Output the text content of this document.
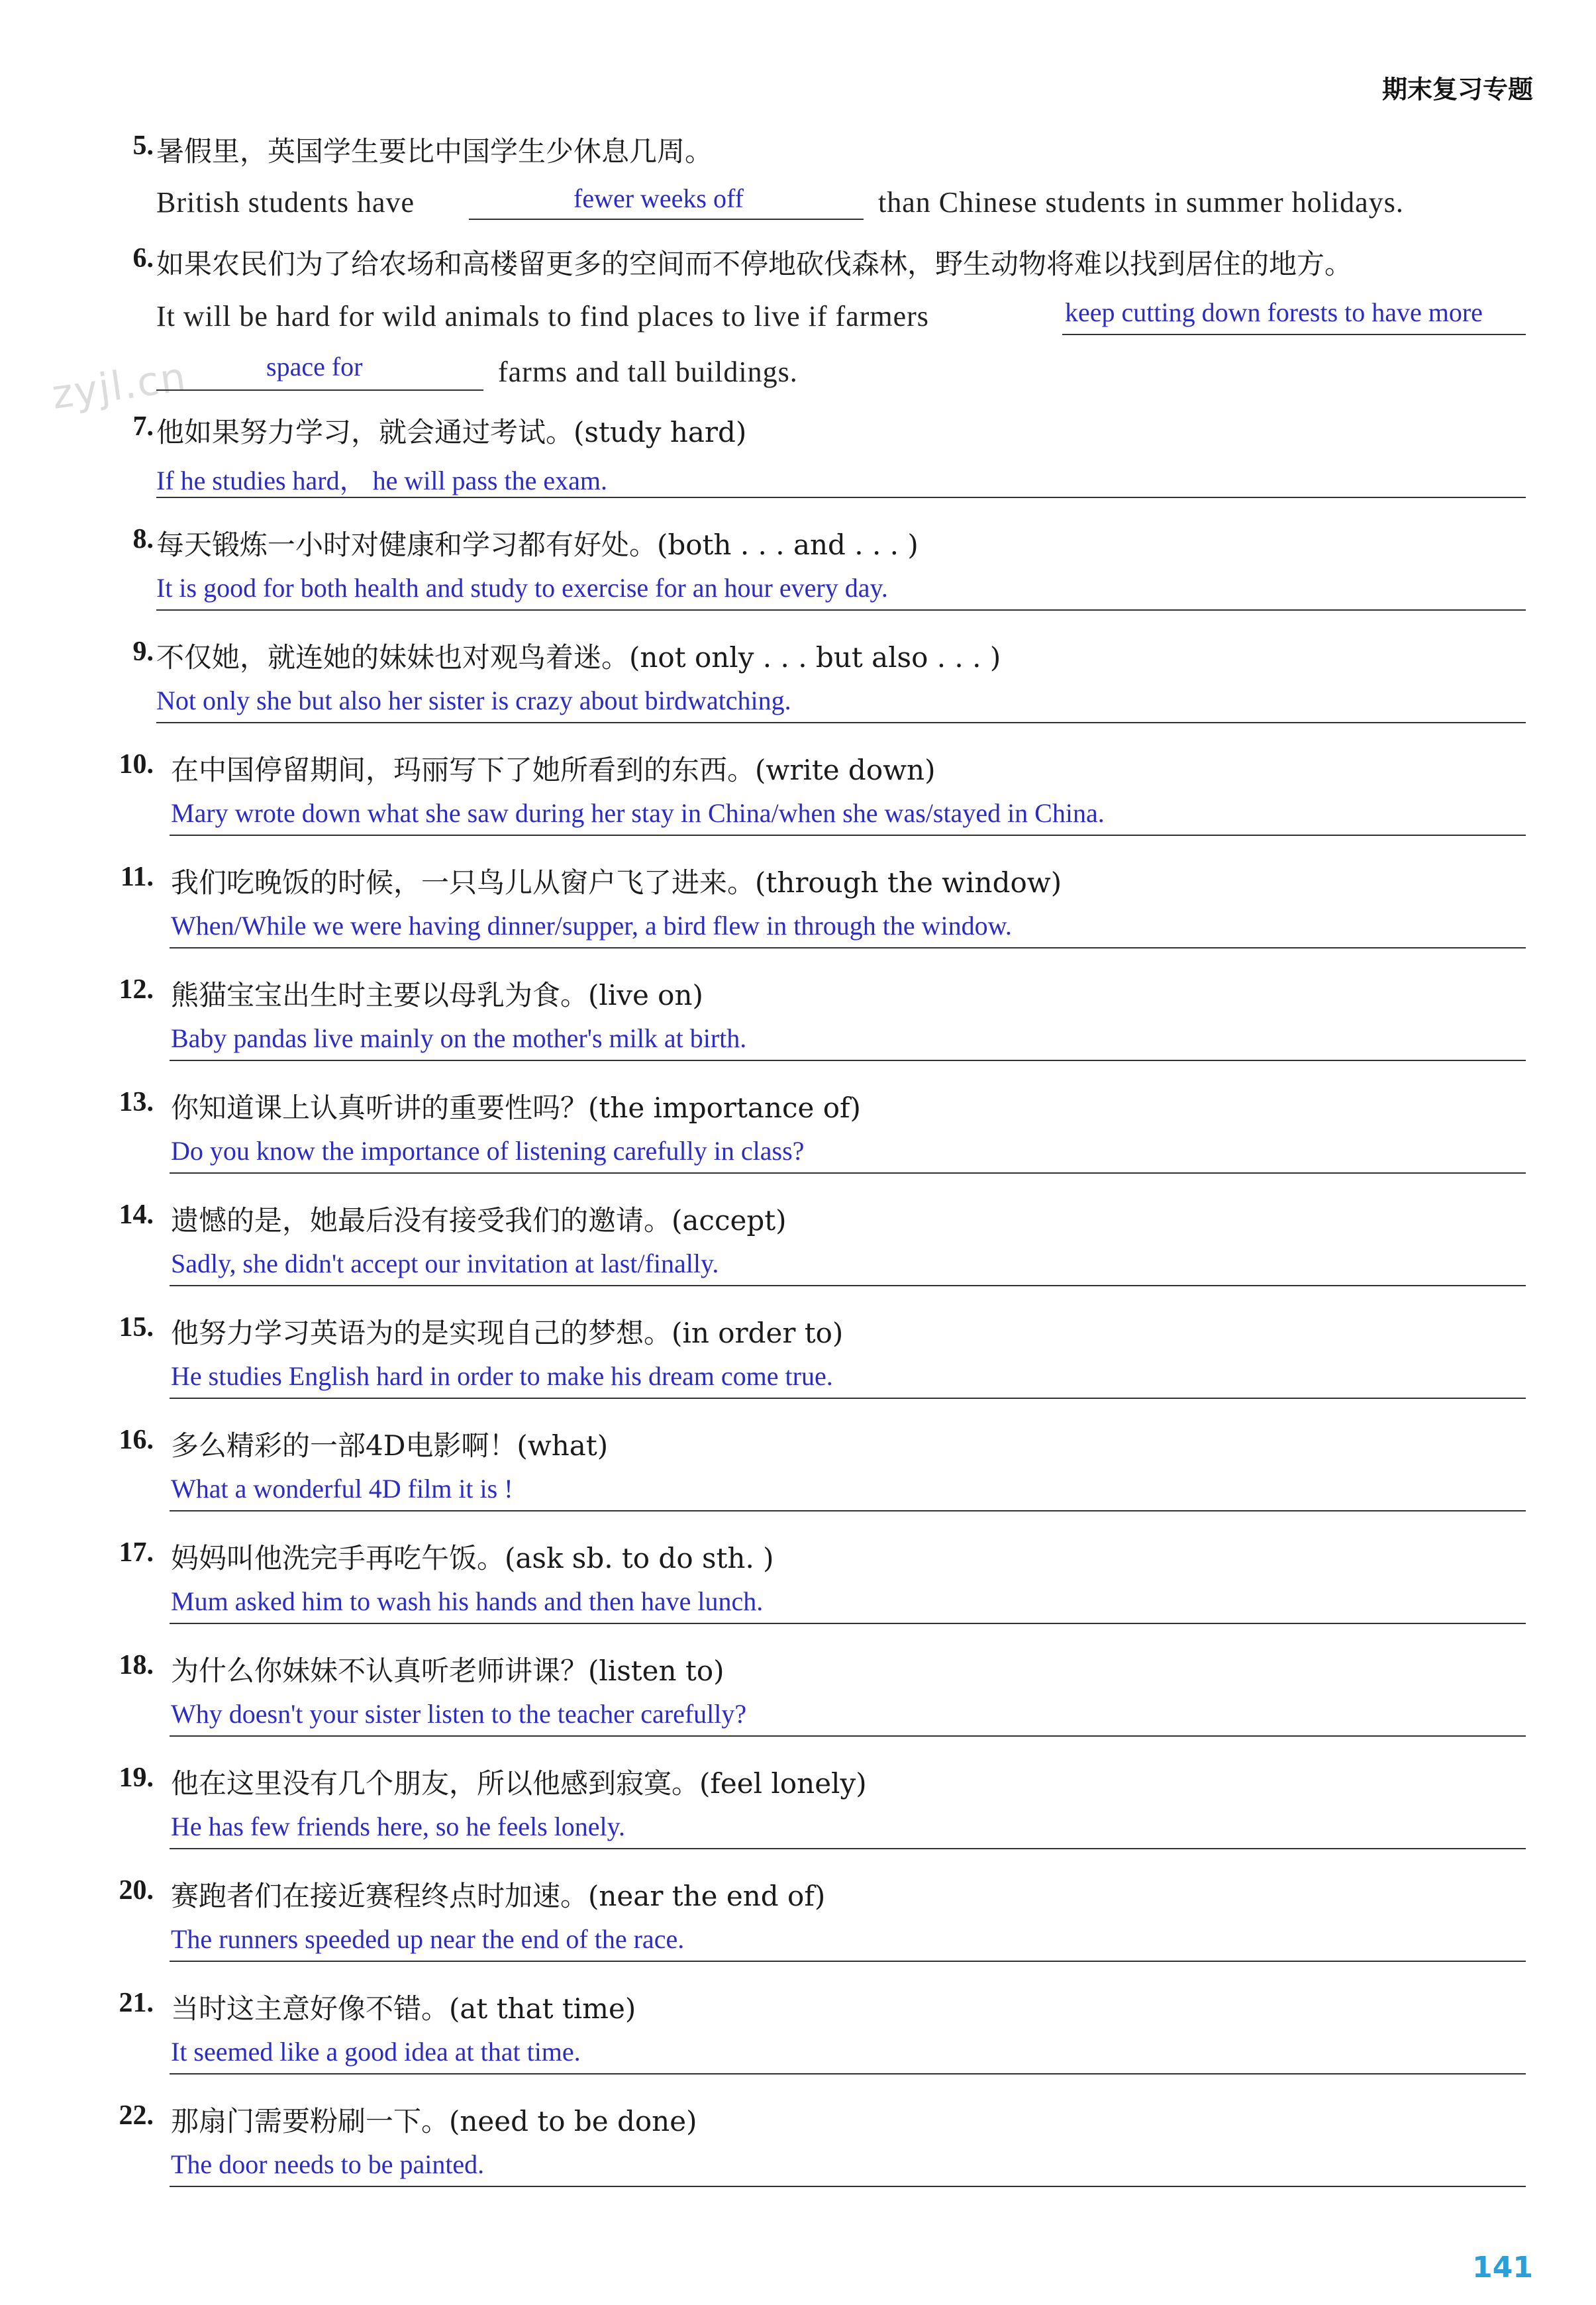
期末复习专题
zyjl.cn
5. 暑假里，英国学生要比中国学生少休息几周。
British students have	fewer weeks off	than Chinese students in summer holidays.
6. 如果农民们为了给农场和高楼留更多的空间而不停地砍伐森林，野生动物将难以找到居住的地方。
It will be hard for wild animals to find places to live if farmers	keep cutting down forests to have more
space for	farms and tall buildings.
7. 他如果努力学习，就会通过考试。(study hard)
If he studies hard， he will pass the exam.
8. 每天锻炼一小时对健康和学习都有好处。(both . . . and . . . )
It is good for both health and study to exercise for an hour every day.
9. 不仅她，就连她的妹妹也对观鸟着迷。(not only . . . but also . . . )
Not only she but also her sister is crazy about birdwatching.
10. 在中国停留期间，玛丽写下了她所看到的东西。(write down)
Mary wrote down what she saw during her stay in China/when she was/stayed in China.
11. 我们吃晚饭的时候，一只鸟儿从窗户飞了进来。(through the window)
When/While we were having dinner/supper, a bird flew in through the window.
12. 熊猫宝宝出生时主要以母乳为食。(live on)
Baby pandas live mainly on the mother's milk at birth.
13. 你知道课上认真听讲的重要性吗？(the importance of)
Do you know the importance of listening carefully in class?
14. 遗憾的是，她最后没有接受我们的邀请。(accept)
Sadly, she didn't accept our invitation at last/finally.
15. 他努力学习英语为的是实现自己的梦想。(in order to)
He studies English hard in order to make his dream come true.
16. 多么精彩的一部4D电影啊！(what)
What a wonderful 4D film it is !
17. 妈妈叫他洗完手再吃午饭。(ask sb. to do sth. )
Mum asked him to wash his hands and then have lunch.
18. 为什么你妹妹不认真听老师讲课？(listen to)
Why doesn't your sister listen to the teacher carefully?
19. 他在这里没有几个朋友，所以他感到寂寞。(feel lonely)
He has few friends here, so he feels lonely.
20. 赛跑者们在接近赛程终点时加速。(near the end of)
The runners speeded up near the end of the race.
21. 当时这主意好像不错。(at that time)
It seemed like a good idea at that time.
22. 那扇门需要粉刷一下。(need to be done)
The door needs to be painted.
141
